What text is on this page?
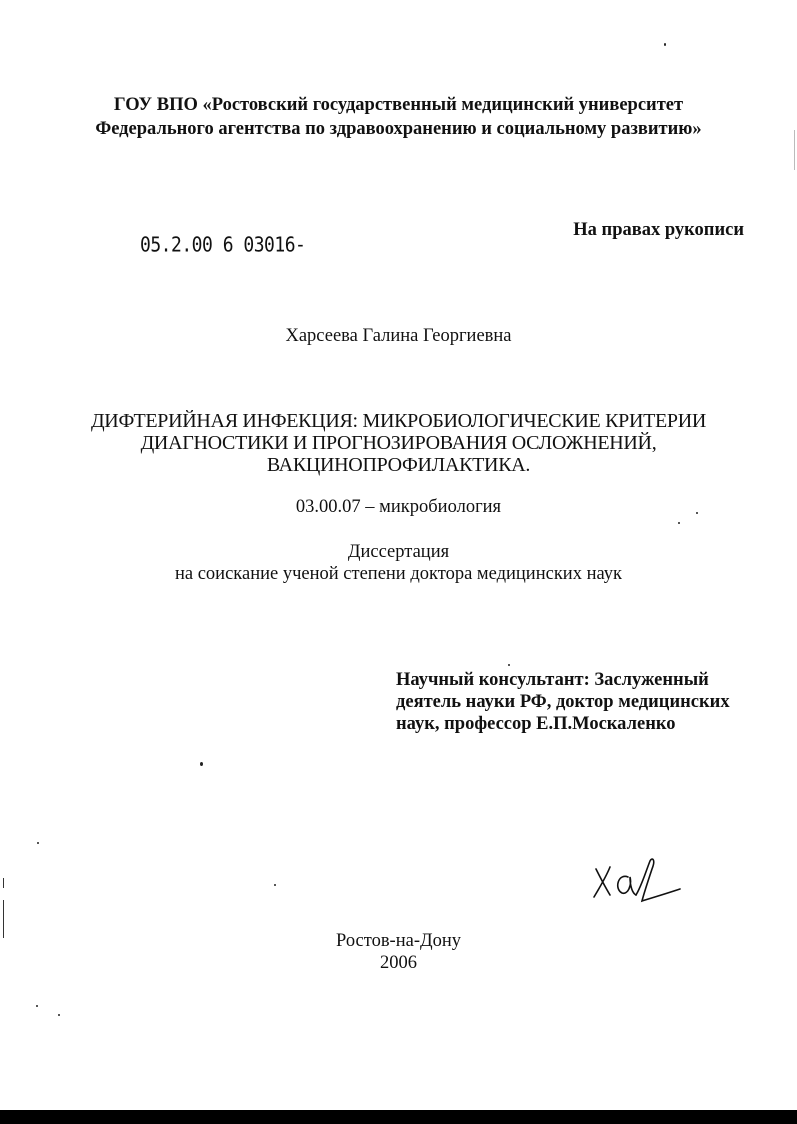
ГОУ ВПО «Ростовский государственный медицинский университет
Федерального агентства по здравоохранению и социальному развитию»
05.2.00 6 03016-
На правах рукописи
Харсеева Галина Георгиевна
ДИФТЕРИЙНАЯ ИНФЕКЦИЯ: МИКРОБИОЛОГИЧЕСКИЕ КРИТЕРИИ
ДИАГНОСТИКИ И ПРОГНОЗИРОВАНИЯ ОСЛОЖНЕНИЙ,
ВАКЦИНОПРОФИЛАКТИКА.
03.00.07 – микробиология
Диссертация
на соискание ученой степени доктора медицинских наук
Научный консультант: Заслуженный
деятель науки РФ, доктор медицинских
наук, профессор Е.П.Москаленко
Ростов-на-Дону
2006
